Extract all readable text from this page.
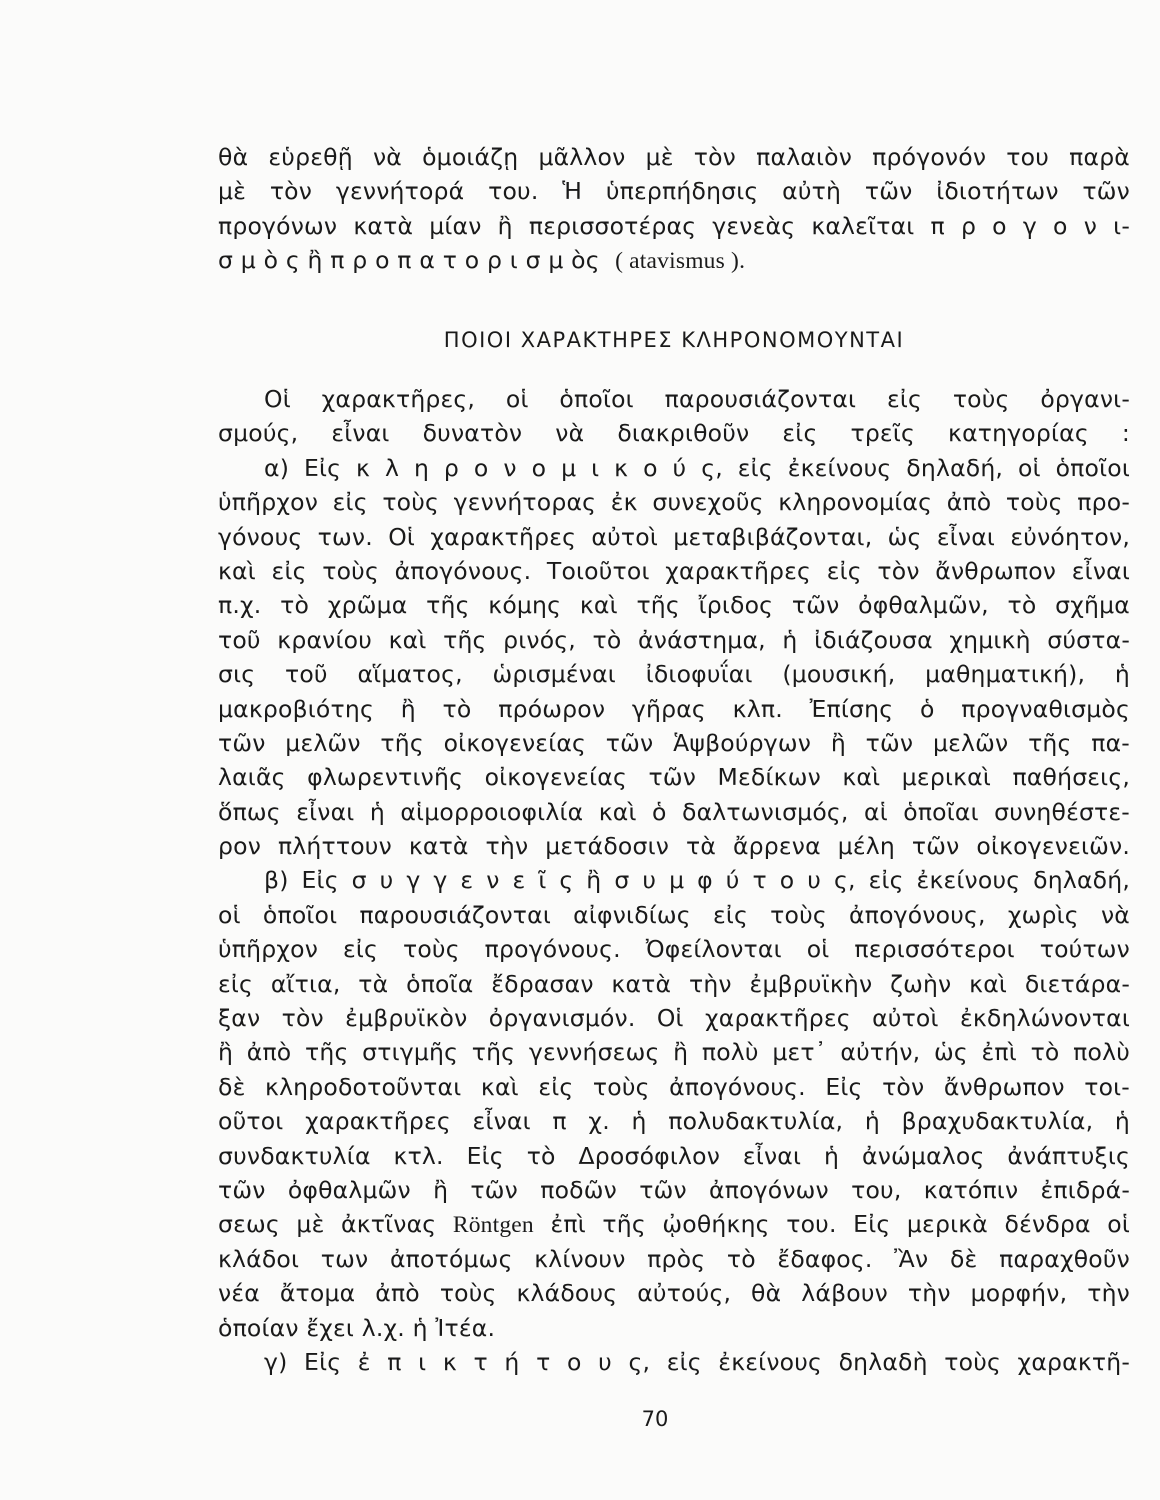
θὰ εὑρεθῇ νὰ ὁμοιάζῃ μᾶλλον μὲ τὸν παλαιὸν πρόγονόν του παρὰ
μὲ τὸν γεννήτορά του. Ἡ ὑπερπήδησις αὐτὴ τῶν ἰδιοτήτων τῶν
προγόνων κατὰ μίαν ἢ περισσοτέρας γενεὰς καλεῖται π ρ ο γ ο ν ι-
σ μ ὸ ς ἢ π ρ ο π α τ ο ρ ι σ μ ὸς ( atavismus ).
ΠΟΙΟΙ ΧΑΡΑΚΤΗΡΕΣ ΚΛΗΡΟΝΟΜΟΥΝΤΑΙ
Οἱ χαρακτῆρες, οἱ ὁποῖοι παρουσιάζονται εἰς τοὺς ὀργανι-
σμούς, εἶναι δυνατὸν νὰ διακριθοῦν εἰς τρεῖς κατηγορίας :
α) Εἰς κ λ η ρ ο ν ο μ ι κ ο ύ ς, εἰς ἐκείνους δηλαδή, οἱ ὁποῖοι
ὑπῆρχον εἰς τοὺς γεννήτορας ἐκ συνεχοῦς κληρονομίας ἀπὸ τοὺς προ-
γόνους των. Οἱ χαρακτῆρες αὐτοὶ μεταβιβάζονται, ὡς εἶναι εὐνόητον,
καὶ εἰς τοὺς ἀπογόνους. Τοιοῦτοι χαρακτῆρες εἰς τὸν ἄνθρωπον εἶναι
π.χ. τὸ χρῶμα τῆς κόμης καὶ τῆς ἴριδος τῶν ὀφθαλμῶν, τὸ σχῆμα
τοῦ κρανίου καὶ τῆς ρινός, τὸ ἀνάστημα, ἡ ἰδιάζουσα χημικὴ σύστα-
σις τοῦ αἵματος, ὡρισμέναι ἰδιοφυΐαι (μουσική, μαθηματική), ἡ
μακροβιότης ἢ τὸ πρόωρον γῆρας κλπ. Ἐπίσης ὁ προγναθισμὸς
τῶν μελῶν τῆς οἰκογενείας τῶν Ἁψβούργων ἢ τῶν μελῶν τῆς πα-
λαιᾶς φλωρεντινῆς οἰκογενείας τῶν Μεδίκων καὶ μερικαὶ παθήσεις,
ὅπως εἶναι ἡ αἱμορροιοφιλία καὶ ὁ δαλτωνισμός, αἱ ὁποῖαι συνηθέστε-
ρον πλήττουν κατὰ τὴν μετάδοσιν τὰ ἄρρενα μέλη τῶν οἰκογενειῶν.
β) Εἰς σ υ γ γ ε ν ε ῖ ς ἢ σ υ μ φ ύ τ ο υ ς, εἰς ἐκείνους δηλαδή,
οἱ ὁποῖοι παρουσιάζονται αἰφνιδίως εἰς τοὺς ἀπογόνους, χωρὶς νὰ
ὑπῆρχον εἰς τοὺς προγόνους. Ὀφείλονται οἱ περισσότεροι τούτων
εἰς αἴτια, τὰ ὁποῖα ἔδρασαν κατὰ τὴν ἐμβρυϊκὴν ζωὴν καὶ διετάρα-
ξαν τὸν ἐμβρυϊκὸν ὀργανισμόν. Οἱ χαρακτῆρες αὐτοὶ ἐκδηλώνονται
ἢ ἀπὸ τῆς στιγμῆς τῆς γεννήσεως ἢ πολὺ μετ᾽ αὐτήν, ὡς ἐπὶ τὸ πολὺ
δὲ κληροδοτοῦνται καὶ εἰς τοὺς ἀπογόνους. Εἰς τὸν ἄνθρωπον τοι-
οῦτοι χαρακτῆρες εἶναι π χ. ἡ πολυδακτυλία, ἡ βραχυδακτυλία, ἡ
συνδακτυλία κτλ. Εἰς τὸ Δροσόφιλον εἶναι ἡ ἀνώμαλος ἀνάπτυξις
τῶν ὀφθαλμῶν ἢ τῶν ποδῶν τῶν ἀπογόνων του, κατόπιν ἐπιδρά-
σεως μὲ ἀκτῖνας Röntgen ἐπὶ τῆς ᾠοθήκης του. Εἰς μερικὰ δένδρα οἱ
κλάδοι των ἀποτόμως κλίνουν πρὸς τὸ ἔδαφος. Ἂν δὲ παραχθοῦν
νέα ἄτομα ἀπὸ τοὺς κλάδους αὐτούς, θὰ λάβουν τὴν μορφήν, τὴν
ὁποίαν ἔχει λ.χ. ἡ Ἰτέα.
γ) Εἰς ἐ π ι κ τ ή τ ο υ ς, εἰς ἐκείνους δηλαδὴ τοὺς χαρακτῆ-
70
